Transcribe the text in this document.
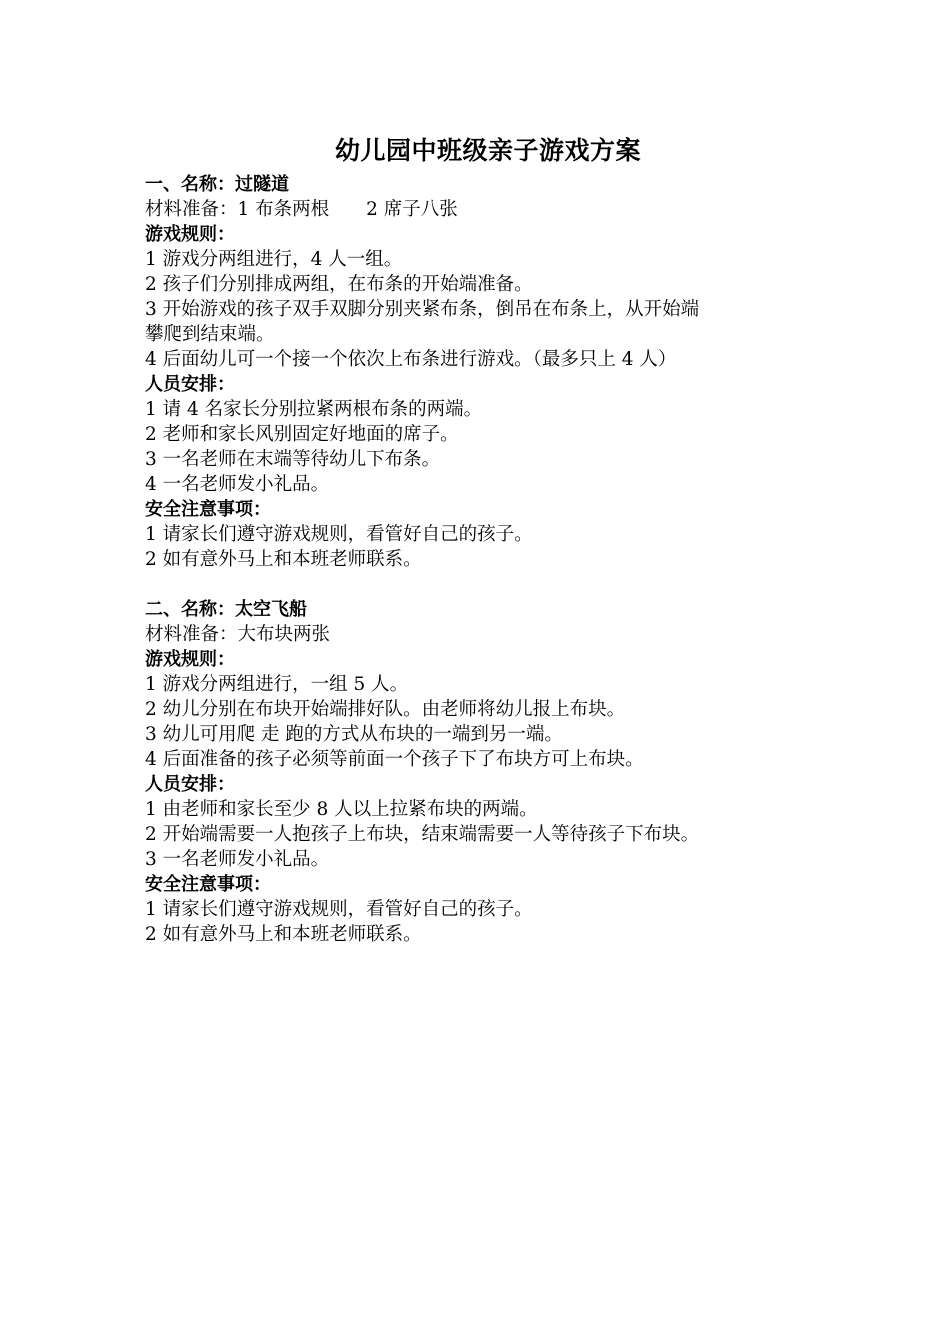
幼儿园中班级亲子游戏方案
一、名称：过隧道
材料准备：1 布条两根　　2 席子八张
游戏规则：
1 游戏分两组进行，4 人一组。
2 孩子们分别排成两组，在布条的开始端准备。
3 开始游戏的孩子双手双脚分别夹紧布条，倒吊在布条上，从开始端
攀爬到结束端。
4 后面幼儿可一个接一个依次上布条进行游戏。（最多只上 4 人）
人员安排：
1 请 4 名家长分别拉紧两根布条的两端。
2 老师和家长风别固定好地面的席子。
3 一名老师在末端等待幼儿下布条。
4 一名老师发小礼品。
安全注意事项：
1 请家长们遵守游戏规则，看管好自己的孩子。
2 如有意外马上和本班老师联系。
二、名称：太空飞船
材料准备：大布块两张
游戏规则：
1 游戏分两组进行，一组 5 人。
2 幼儿分别在布块开始端排好队。由老师将幼儿报上布块。
3 幼儿可用爬 走 跑的方式从布块的一端到另一端。
4 后面准备的孩子必须等前面一个孩子下了布块方可上布块。
人员安排：
1 由老师和家长至少 8 人以上拉紧布块的两端。
2 开始端需要一人抱孩子上布块，结束端需要一人等待孩子下布块。
3 一名老师发小礼品。
安全注意事项：
1 请家长们遵守游戏规则，看管好自己的孩子。
2 如有意外马上和本班老师联系。
